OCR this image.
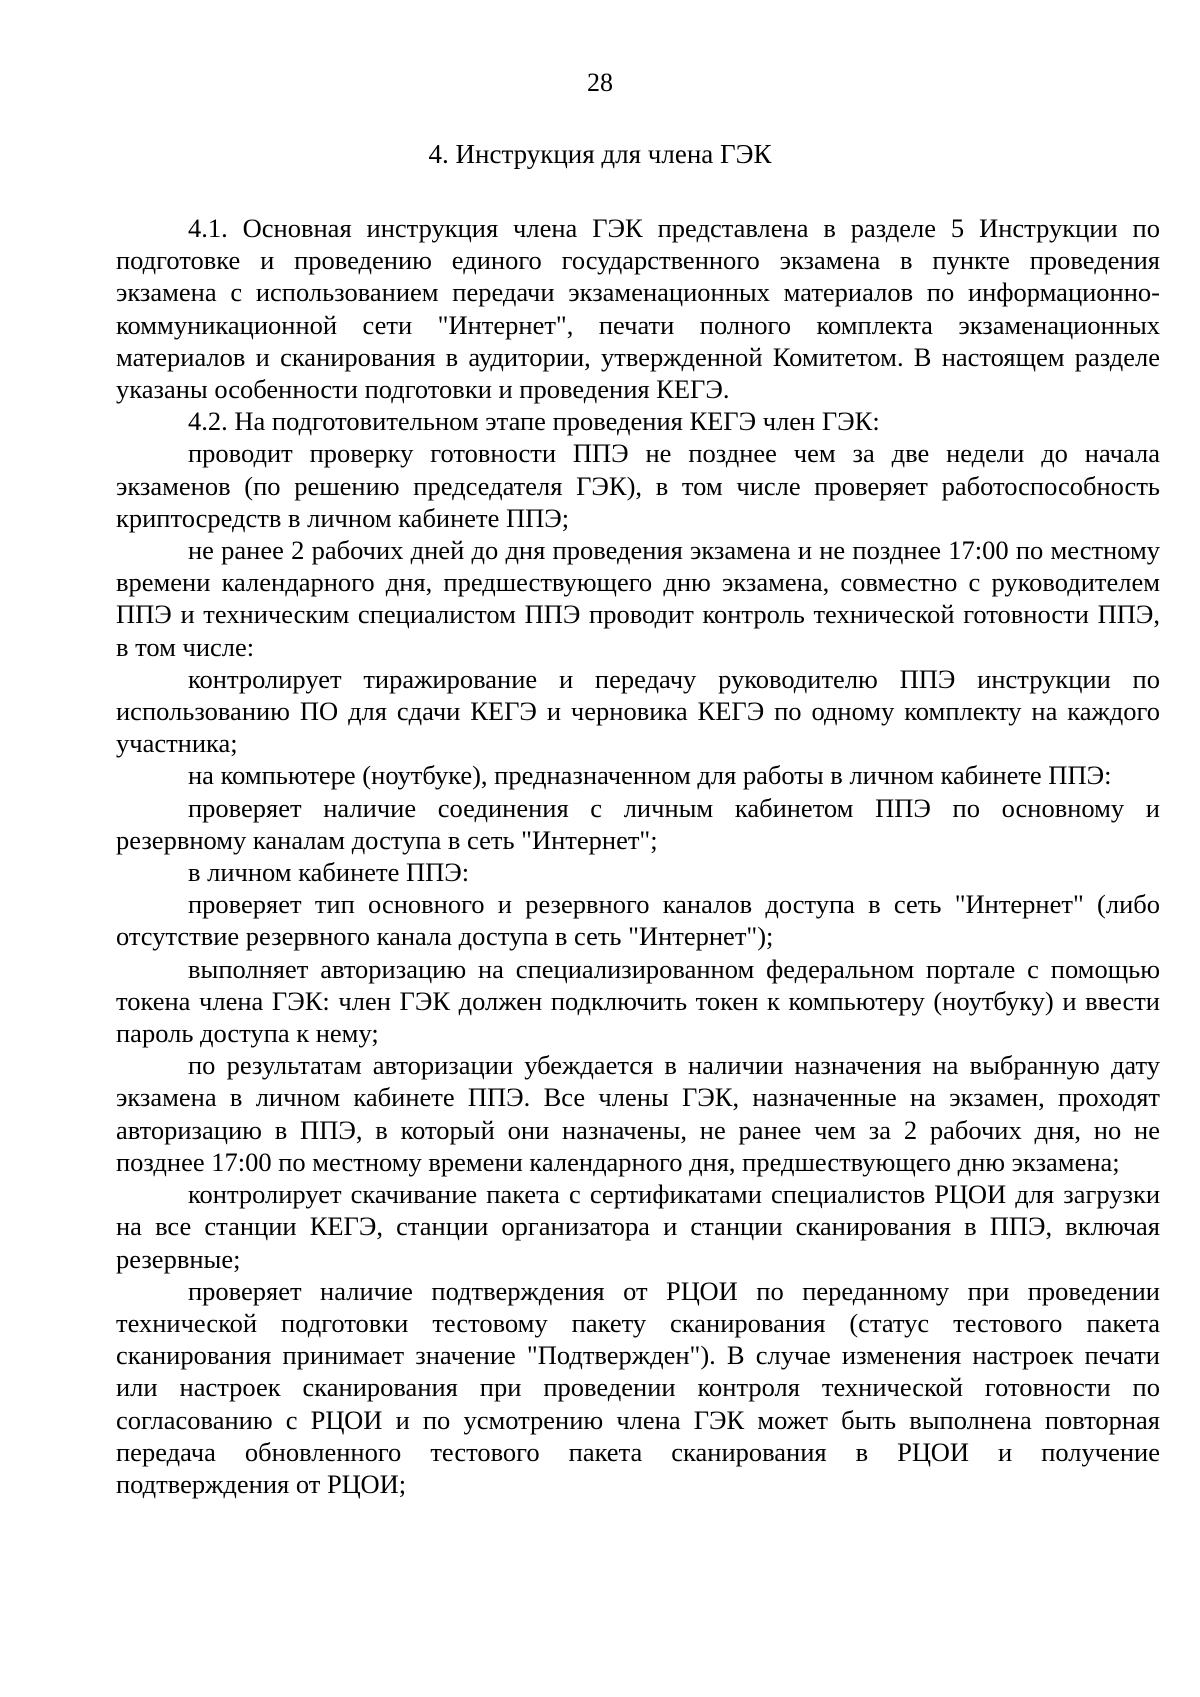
28
4. Инструкция для члена ГЭК

4.1. Основная инструкция члена ГЭК представлена в разделе 5 Инструкции по подготовке и проведению единого государственного экзамена в пункте проведения экзамена с использованием передачи экзаменационных материалов по информационно-коммуникационной сети "Интернет", печати полного комплекта экзаменационных материалов и сканирования в аудитории, утвержденной Комитетом. В настоящем разделе указаны особенности подготовки и проведения КЕГЭ.

4.2. На подготовительном этапе проведения КЕГЭ член ГЭК:

проводит проверку готовности ППЭ не позднее чем за две недели до начала экзаменов (по решению председателя ГЭК), в том числе проверяет работоспособность криптосредств в личном кабинете ППЭ;

не ранее 2 рабочих дней до дня проведения экзамена и не позднее 17:00 по местному времени календарного дня, предшествующего дню экзамена, совместно с руководителем ППЭ и техническим специалистом ППЭ проводит контроль технической готовности ППЭ, в том числе:

контролирует тиражирование и передачу руководителю ППЭ инструкции по использованию ПО для сдачи КЕГЭ и черновика КЕГЭ по одному комплекту на каждого участника;

на компьютере (ноутбуке), предназначенном для работы в личном кабинете ППЭ:

проверяет наличие соединения с личным кабинетом ППЭ по основному и резервному каналам доступа в сеть "Интернет";

в личном кабинете ППЭ:

проверяет тип основного и резервного каналов доступа в сеть "Интернет" (либо отсутствие резервного канала доступа в сеть "Интернет");

выполняет авторизацию на специализированном федеральном портале с помощью токена члена ГЭК: член ГЭК должен подключить токен к компьютеру (ноутбуку) и ввести пароль доступа к нему;

по результатам авторизации убеждается в наличии назначения на выбранную дату экзамена в личном кабинете ППЭ. Все члены ГЭК, назначенные на экзамен, проходят авторизацию в ППЭ, в который они назначены, не ранее чем за 2 рабочих дня, но не позднее 17:00 по местному времени календарного дня, предшествующего дню экзамена;

контролирует скачивание пакета с сертификатами специалистов РЦОИ для загрузки на все станции КЕГЭ, станции организатора и станции сканирования в ППЭ, включая резервные;

проверяет наличие подтверждения от РЦОИ по переданному при проведении технической подготовки тестовому пакету сканирования (статус тестового пакета сканирования принимает значение "Подтвержден"). В случае изменения настроек печати или настроек сканирования при проведении контроля технической готовности по согласованию с РЦОИ и по усмотрению члена ГЭК может быть выполнена повторная передача обновленного тестового пакета сканирования в РЦОИ и получение подтверждения от РЦОИ;
